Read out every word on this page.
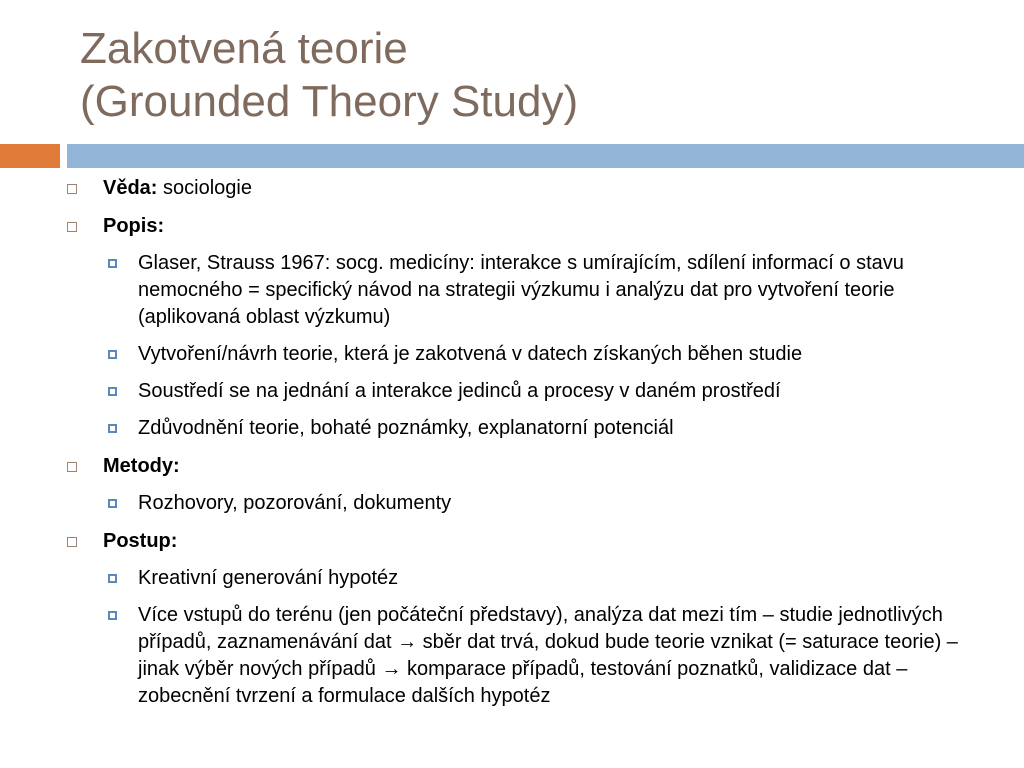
Zakotvená teorie
(Grounded Theory Study)
Věda: sociologie
Popis:
Glaser, Strauss 1967: socg. medicíny: interakce s umírajícím, sdílení informací o stavu nemocného = specifický návod na strategii výzkumu i analýzu dat pro vytvoření teorie (aplikovaná oblast výzkumu)
Vytvoření/návrh teorie, která je zakotvená v datech získaných běhen studie
Soustředí se na jednání a interakce jedinců a procesy v daném prostředí
Zdůvodnění teorie, bohaté poznámky, explanatorní potenciál
Metody:
Rozhovory, pozorování, dokumenty
Postup:
Kreativní generování hypotéz
Více vstupů do terénu (jen počáteční představy), analýza dat mezi tím – studie jednotlivých případů, zaznamenávání dat → sběr dat trvá, dokud bude teorie vznikat (= saturace teorie) – jinak výběr nových případů → komparace případů, testování poznatků, validizace dat – zobecnění tvrzení a formulace dalších hypotéz
